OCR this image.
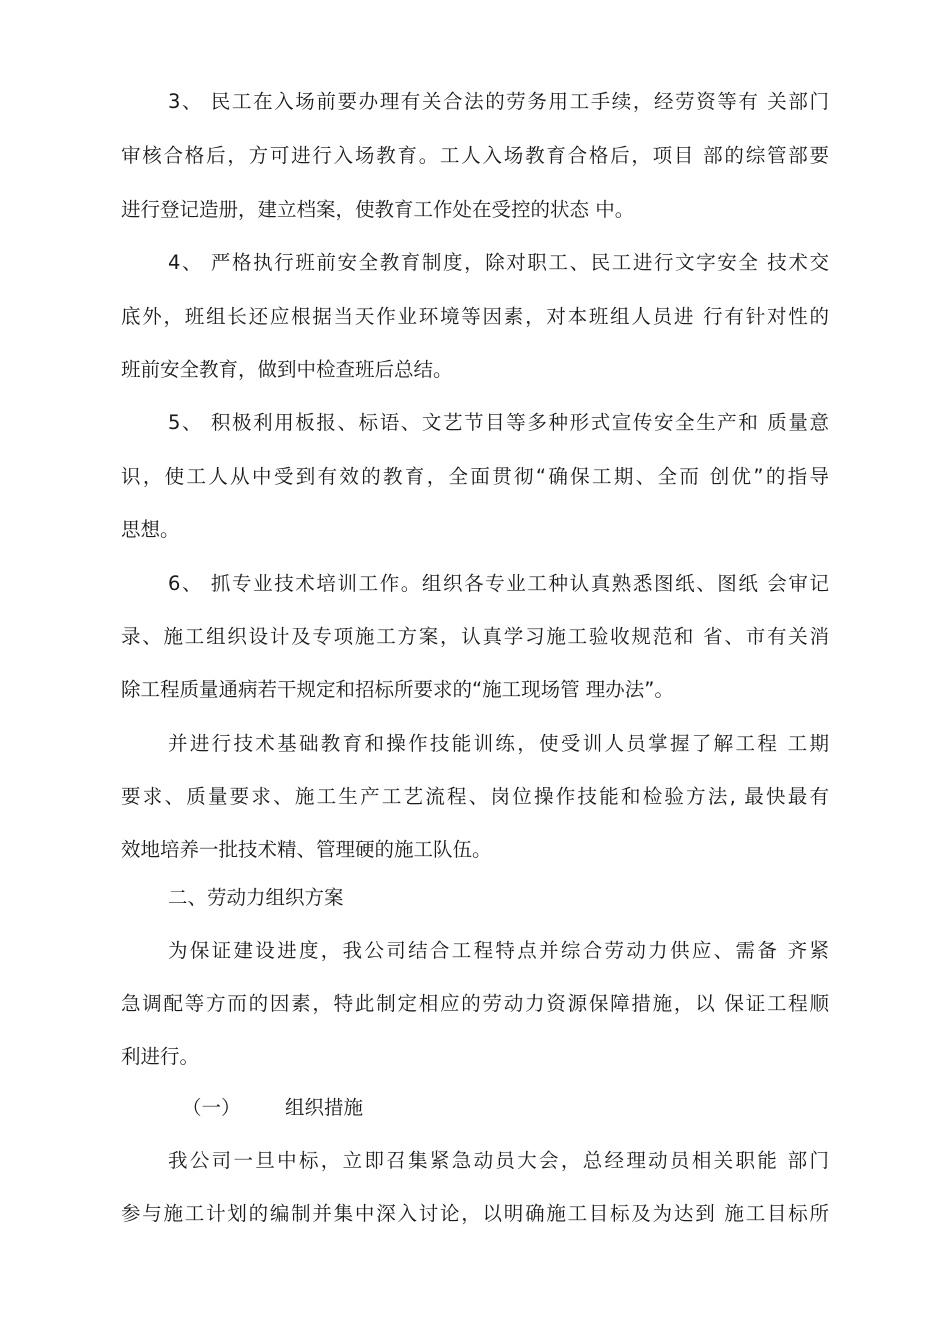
3、 民工在入场前要办理有关合法的劳务用工手续，经劳资等有 关部门
审核合格后，方可进行入场教育。工人入场教育合格后，项目 部的综管部要
进行登记造册，建立档案，使教育工作处在受控的状态 中。
4、 严格执行班前安全教育制度，除对职工、民工进行文字安全 技术交
底外，班组长还应根据当天作业环境等因素，对本班组人员进 行有针对性的
班前安全教育，做到中检查班后总结。
5、 积极利用板报、标语、文艺节目等多种形式宣传安全生产和 质量意
识，使工人从中受到有效的教育，全面贯彻“确保工期、全而 创优”的指导
思想。
6、 抓专业技术培训工作。组织各专业工种认真熟悉图纸、图纸 会审记
录、施工组织设计及专项施工方案，认真学习施工验收规范和 省、市有关消
除工程质量通病若干规定和招标所要求的“施工现场管 理办法”。
并进行技术基础教育和操作技能训练，使受训人员掌握了解工程 工期
要求、质量要求、施工生产工艺流程、岗位操作技能和检验方法, 最快最有
效地培养一批技术精、管理硬的施工队伍。
二、劳动力组织方案
为保证建设进度，我公司结合工程特点并综合劳动力供应、需备 齐紧
急调配等方而的因素，特此制定相应的劳动力资源保障措施，以 保证工程顺
利进行。
（一） 组织措施
我公司一旦中标，立即召集紧急动员大会，总经理动员相关职能 部门
参与施工计划的编制并集中深入讨论，以明确施工目标及为达到 施工目标所
